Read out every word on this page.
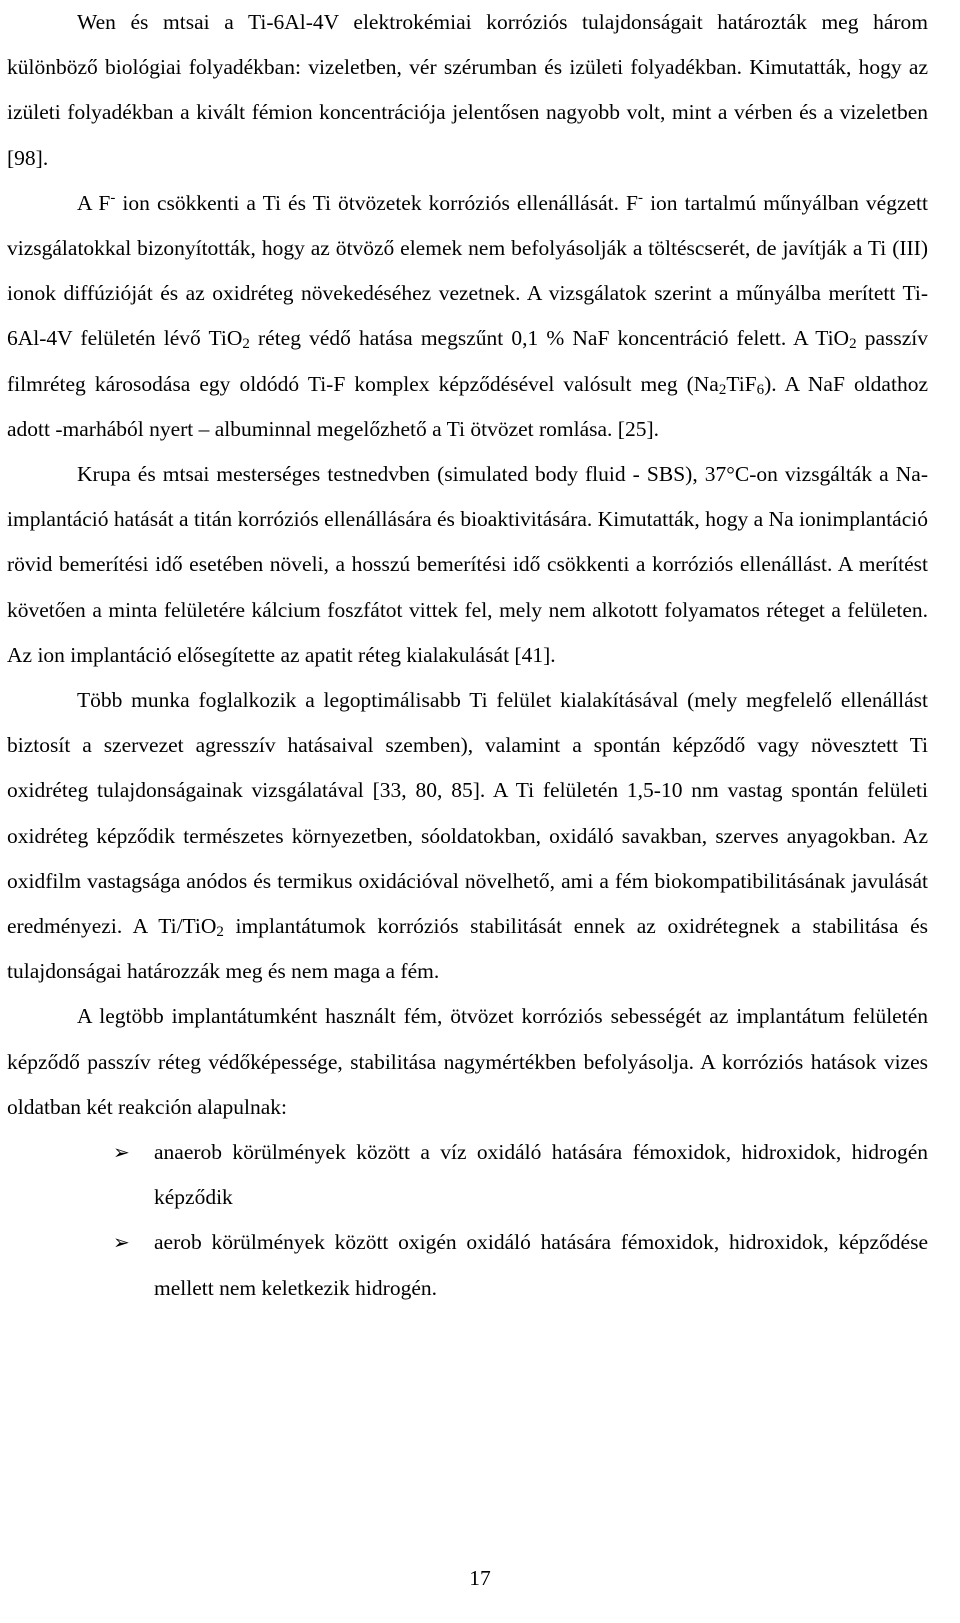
Wen és mtsai a Ti-6Al-4V elektrokémiai korróziós tulajdonságait határozták meg három különböző biológiai folyadékban: vizeletben, vér szérumban és izületi folyadékban. Kimutatták, hogy az izületi folyadékban a kivált fémion koncentrációja jelentősen nagyobb volt, mint a vérben és a vizeletben [98].

A F- ion csökkenti a Ti és Ti ötvözetek korróziós ellenállását. F- ion tartalmú műnyálban végzett vizsgálatokkal bizonyították, hogy az ötvöző elemek nem befolyásolják a töltéscserét, de javítják a Ti (III) ionok diffúzióját és az oxidréteg növekedéséhez vezetnek. A vizsgálatok szerint a műnyálba merített Ti-6Al-4V felületén lévő TiO$_2$ réteg védő hatása megszűnt 0,1 % NaF koncentráció felett. A TiO$_2$ passzív filmréteg károsodása egy oldódó Ti-F komplex képződésével valósult meg $(Na_2TiF_6)$. A NaF oldathoz adott -marhából nyert – albuminnal megelőzhető a Ti ötvözet romlása. [25].

Krupa és mtsai mesterséges testnedvben (simulated body fluid - SBS), 37°C-on vizsgálták a Na-implantáció hatását a titán korróziós ellenállására és bioaktivitására. Kimutatták, hogy a Na ionimplantáció rövid bemerítési idő esetében növeli, a hosszú bemerítési idő csökkenti a korróziós ellenállást. A merítést követően a minta felületére kálcium foszfátot vittek fel, mely nem alkotott folyamatos réteget a felületen. Az ion implantáció elősegítette az apatit réteg kialakulását [41].

Több munka foglalkozik a legoptimálisabb Ti felület kialakításával (mely megfelelő ellenállást biztosít a szervezet agresszív hatásaival szemben), valamint a spontán képződő vagy növesztett Ti oxidréteg tulajdonságainak vizsgálatával [33, 80, 85]. A Ti felületén 1,5-10 nm vastag spontán felületi oxidréteg képződik természetes környezetben, sóoldatokban, oxidáló savakban, szerves anyagokban. Az oxidfilm vastagsága anódos és termikus oxidációval növelhető, ami a fém biokompatibilitásának javulását eredményezi. A Ti/TiO$_2$ implantátumok korróziós stabilitását ennek az oxidrétegnek a stabilitása és tulajdonságai határozzák meg és nem maga a fém.

A legtöbb implantátumként használt fém, ötvözet korróziós sebességét az implantátum felületén képződő passzív réteg védőképessége, stabilitása nagymértékben befolyásolja. A korróziós hatások vizes oldatban két reakción alapulnak:

➢ anaerob körülmények között a víz oxidáló hatására fémoxidok, hidroxidok, hidrogén képződik
➢ aerob körülmények között oxigén oxidáló hatására fémoxidok, hidroxidok, képződése mellett nem keletkezik hidrogén.
17
